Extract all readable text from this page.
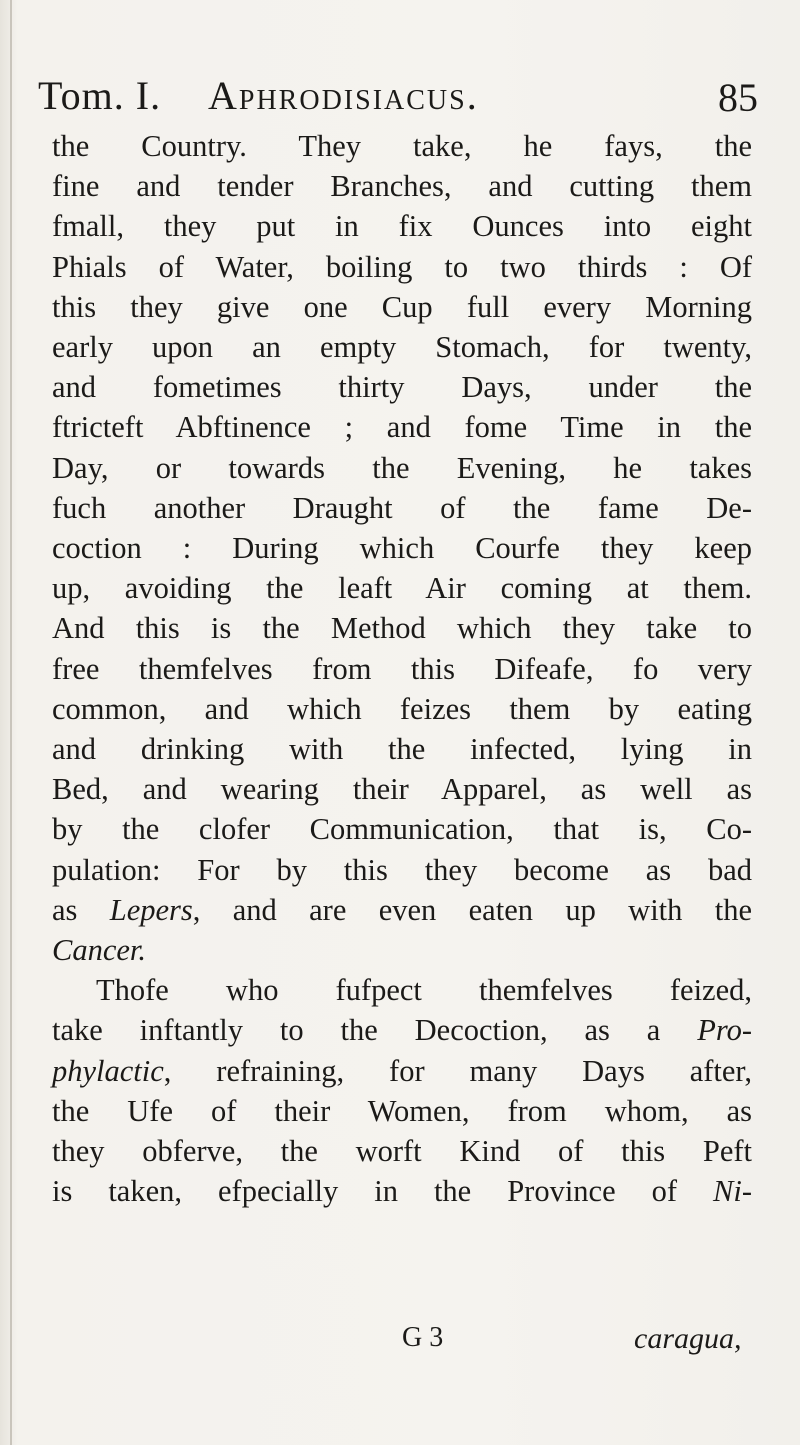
Tom. I. Aphrodisiacus.	85
the Country. They take, he fays, the
fine and tender Branches, and cutting them
fmall, they put in fix Ounces into eight
Phials of Water, boiling to two thirds : Of
this they give one Cup full every Morning
early upon an empty Stomach, for twenty,
and fometimes thirty Days, under the
ftricteft Abftinence ; and fome Time in the
Day, or towards the Evening, he takes
fuch another Draught of the fame De-
coction : During which Courfe they keep
up, avoiding the leaft Air coming at them.
And this is the Method which they take to
free themfelves from this Difeafe, fo very
common, and which feizes them by eating
and drinking with the infected, lying in
Bed, and wearing their Apparel, as well as
by the clofer Communication, that is, Co-
pulation: For by this they become as bad
as Lepers, and are even eaten up with the
Cancer.
Thofe who fufpect themfelves feized,
take inftantly to the Decoction, as a Pro-
phylactic, refraining, for many Days after,
the Ufe of their Women, from whom, as
they obferve, the worft Kind of this Peft
is taken, efpecially in the Province of Ni-
G 3	caragua,
